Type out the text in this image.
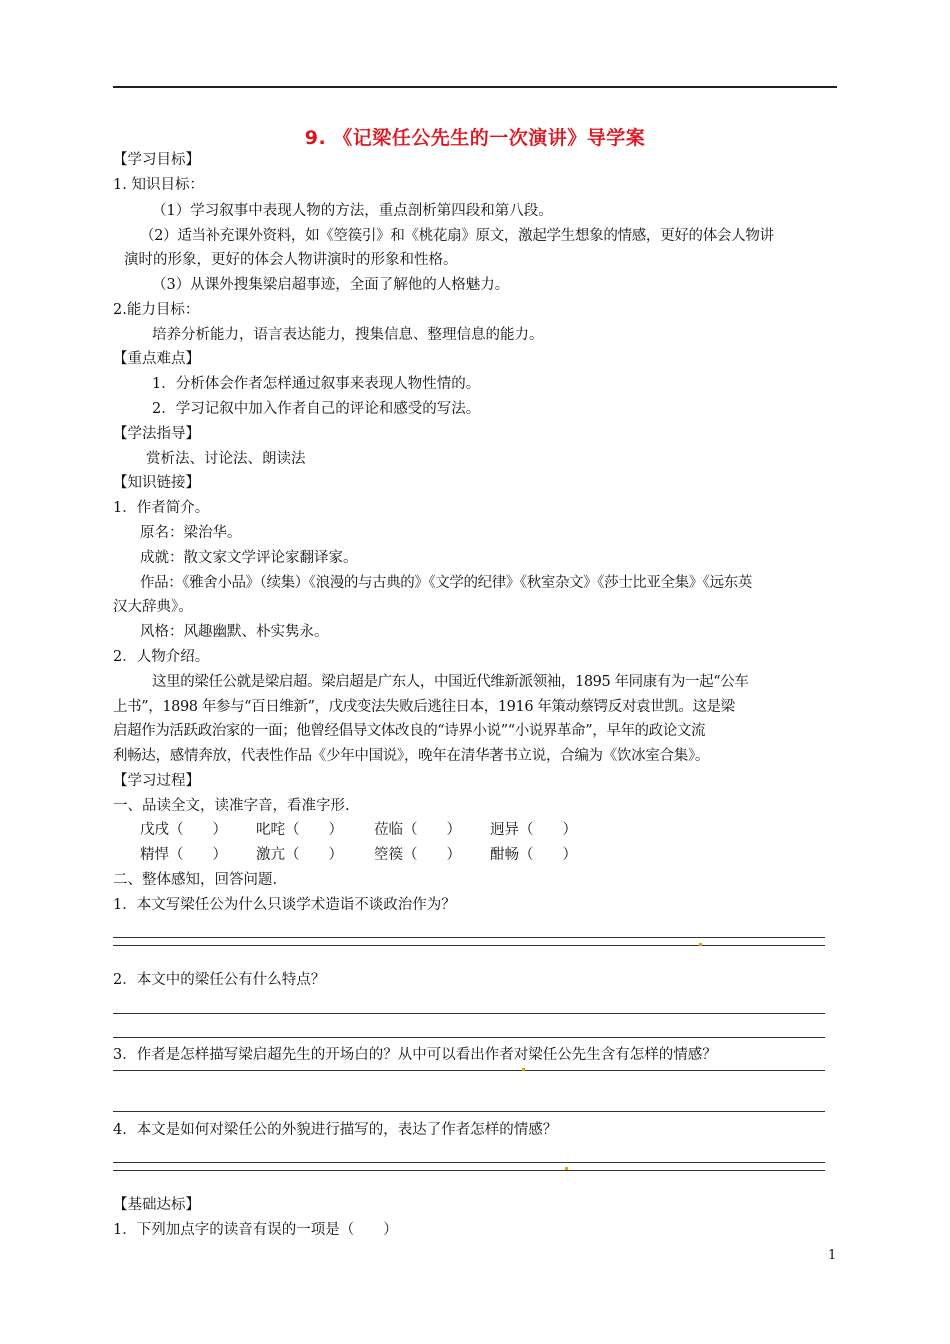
9. 《记梁任公先生的一次演讲》导学案
【学习目标】
1. 知识目标：
（1）学习叙事中表现人物的方法，重点剖析第四段和第八段。
（2）适当补充课外资料，如《箜篌引》和《桃花扇》原文，激起学生想象的情感，更好的体会人物讲
演时的形象，更好的体会人物讲演时的形象和性格。
（3）从课外搜集梁启超事迹，全面了解他的人格魅力。
2.能力目标：
培养分析能力，语言表达能力，搜集信息、整理信息的能力。
【重点难点】
1．分析体会作者怎样通过叙事来表现人物性情的。
2．学习记叙中加入作者自己的评论和感受的写法。
【学法指导】
赏析法、讨论法、朗读法
【知识链接】
1．作者简介。
原名：梁治华。
成就：散文家文学评论家翻译家。
作品：《雅舍小品》（续集）《浪漫的与古典的》《文学的纪律》《秋室杂文》《莎士比亚全集》《远东英
汉大辞典》。
风格：风趣幽默、朴实隽永。
2．人物介绍。
这里的梁任公就是梁启超。梁启超是广东人，中国近代维新派领袖，1895 年同康有为一起“公车
上书”，1898 年参与“百日维新”，戊戌变法失败后逃往日本，1916 年策动蔡锷反对袁世凯。这是梁
启超作为活跃政治家的一面；他曾经倡导文体改良的“诗界小说”“小说界革命”，早年的政论文流
利畅达，感情奔放，代表性作品《少年中国说》，晚年在清华著书立说，合编为《饮冰室合集》。
【学习过程】
一、品读全文，读准字音，看准字形.
戊戌（　　） 叱咤（　　） 莅临（　　） 迥异（　　）
精悍（　　） 激亢（　　） 箜篌（　　） 酣畅（　　）
二、整体感知，回答问题.
1．本文写梁任公为什么只谈学术造诣不谈政治作为？
2．本文中的梁任公有什么特点？
3．作者是怎样描写梁启超先生的开场白的？从中可以看出作者对梁任公先生含有怎样的情感？
4．本文是如何对梁任公的外貌进行描写的，表达了作者怎样的情感？
【基础达标】
1．下列加点字的读音有误的一项是（　　）
1
